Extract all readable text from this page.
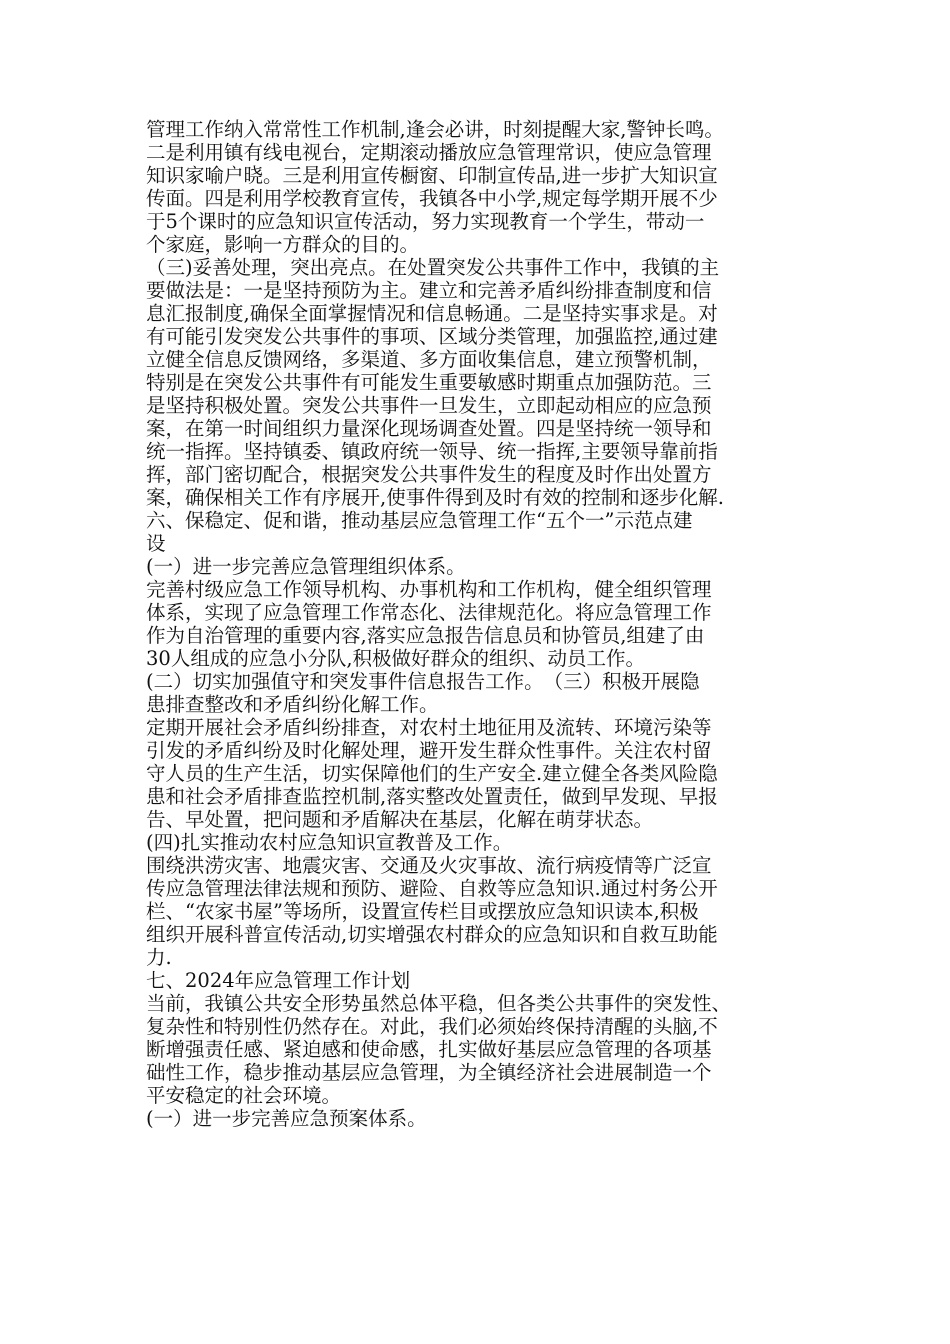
管理工作纳入常常性工作机制,逢会必讲，时刻提醒大家,警钟长鸣。
二是利用镇有线电视台，定期滚动播放应急管理常识，使应急管理
知识家喻户晓。三是利用宣传橱窗、印制宣传品,进一步扩大知识宣
传面。四是利用学校教育宣传，我镇各中小学,规定每学期开展不少
于5个课时的应急知识宣传活动，努力实现教育一个学生，带动一
个家庭，影响一方群众的目的。
（三)妥善处理，突出亮点。在处置突发公共事件工作中，我镇的主
要做法是：一是坚持预防为主。建立和完善矛盾纠纷排查制度和信
息汇报制度,确保全面掌握情况和信息畅通。二是坚持实事求是。对
有可能引发突发公共事件的事项、区域分类管理，加强监控,通过建
立健全信息反馈网络，多渠道、多方面收集信息，建立预警机制，
特别是在突发公共事件有可能发生重要敏感时期重点加强防范。三
是坚持积极处置。突发公共事件一旦发生，立即起动相应的应急预
案，在第一时间组织力量深化现场调查处置。四是坚持统一领导和
统一指挥。坚持镇委、镇政府统一领导、统一指挥,主要领导靠前指
挥，部门密切配合，根据突发公共事件发生的程度及时作出处置方
案，确保相关工作有序展开,使事件得到及时有效的控制和逐步化解.
六、保稳定、促和谐，推动基层应急管理工作“五个一”示范点建
设
(一）进一步完善应急管理组织体系。
完善村级应急工作领导机构、办事机构和工作机构，健全组织管理
体系，实现了应急管理工作常态化、法律规范化。将应急管理工作
作为自治管理的重要内容,落实应急报告信息员和协管员,组建了由
30人组成的应急小分队,积极做好群众的组织、动员工作。
(二）切实加强值守和突发事件信息报告工作。　（三）积极开展隐
患排查整改和矛盾纠纷化解工作。
定期开展社会矛盾纠纷排查，对农村土地征用及流转、环境污染等
引发的矛盾纠纷及时化解处理，避开发生群众性事件。关注农村留
守人员的生产生活，切实保障他们的生产安全.建立健全各类风险隐
患和社会矛盾排查监控机制,落实整改处置责任，做到早发现、早报
告、早处置，把问题和矛盾解决在基层，化解在萌芽状态。
(四)扎实推动农村应急知识宣教普及工作。
围绕洪涝灾害、地震灾害、交通及火灾事故、流行病疫情等广泛宣
传应急管理法律法规和预防、避险、自救等应急知识.通过村务公开
栏、“农家书屋”等场所，设置宣传栏目或摆放应急知识读本,积极
组织开展科普宣传活动,切实增强农村群众的应急知识和自救互助能
力.
七、2024年应急管理工作计划
当前，我镇公共安全形势虽然总体平稳，但各类公共事件的突发性、
复杂性和特别性仍然存在。对此，我们必须始终保持清醒的头脑,不
断增强责任感、紧迫感和使命感，扎实做好基层应急管理的各项基
础性工作，稳步推动基层应急管理，为全镇经济社会进展制造一个
平安稳定的社会环境。
(一）进一步完善应急预案体系。
